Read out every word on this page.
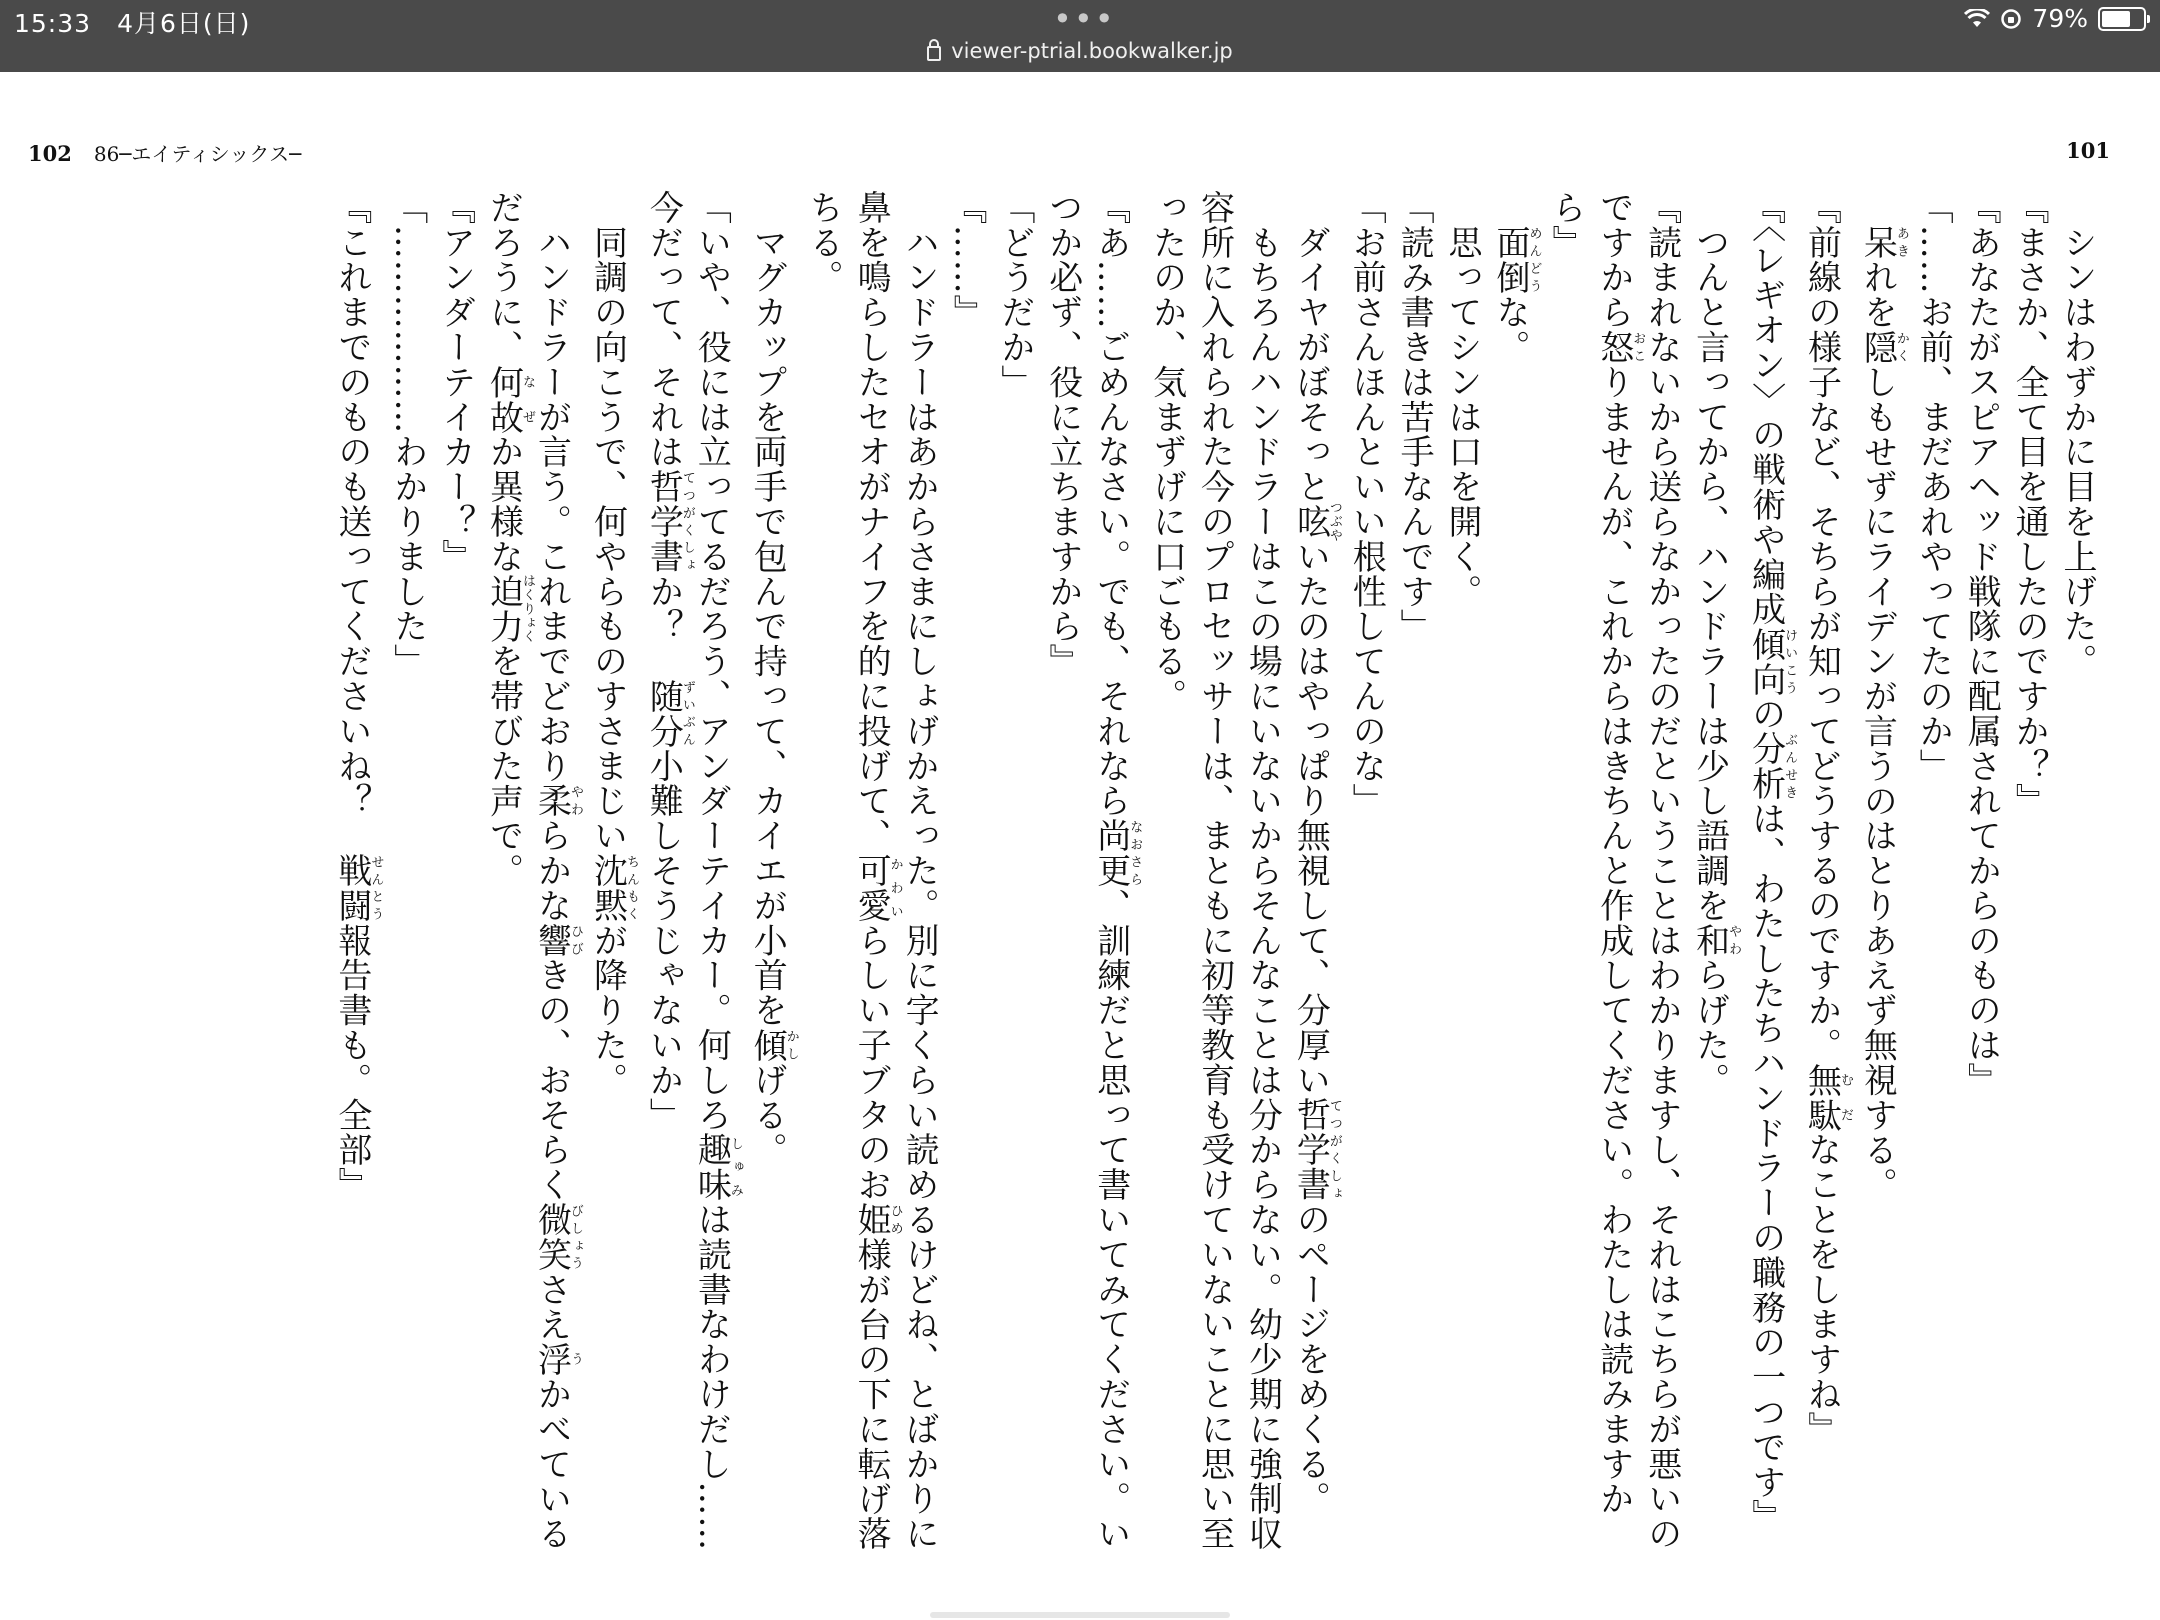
15:33　 4月6日(日)	•••
viewer-ptrial.bookwalker.jp
79%
102 86─エイティシックス─	101

　シンはわずかに目を上げた。

『まさか、全て目を通したのですか？』

『あなたがスピアヘッド戦隊に配属されてからのものは』

「……お前、まだあれやってたのか」

　呆あきれを隠かくしもせずにライデンが言うのはとりあえず無視する。

『前線の様子など、そちらが知ってどうするのですか。無駄むだなことをしますね』

『〈レギオン〉の戦術や編成傾向けいこうの分析ぶんせきは、わたしたちハンドラーの職務の一つです』

　つんと言ってから、ハンドラーは少し語調を和やわらげた。

『読まれないから送らなかったのだということはわかりますし、それはこちらが悪いのですから怒おこりませんが、これからはきちんと作成してください。わたしは読みますから』

　面倒めんどうな。

　思ってシンは口を開く。

「読み書きは苦手なんです」

「お前さんほんといい根性してんのな」

　ダイヤがぼそっと呟つぶやいたのはやっぱり無視して、分厚い哲学書てつがくしょのページをめくる。

　もちろんハンドラーはこの場にいないからそんなことは分からない。幼少期に強制収容所に入れられた今のプロセッサーは、まともに初等教育も受けていないことに思い至ったのか、気まずげに口ごもる。

『あ……ごめんなさい。でも、それなら尚更なおさら、訓練だと思って書いてみてください。いつか必ず、役に立ちますから』

「どうだか」

『……』

　ハンドラーはあからさまにしょげかえった。別に字くらい読めるけどね、とばかりに鼻を鳴らしたセオがナイフを的に投げて、可愛かわいらしい子ブタのお姫ひめ様が台の下に転げ落ちる。

　マグカップを両手で包んで持って、カイエが小首を傾かしげる。

「いや、役には立ってるだろう、アンダーテイカー。何しろ趣味しゅみは読書なわけだし……今だって、それは哲学書てつがくしょか？　随分ずいぶん小難しそうじゃないか」

　同調の向こうで、何やらものすさまじい沈黙ちんもくが降りた。

　ハンドラーが言う。これまでどおり柔やわらかな響ひびきの、おそらく微笑びしょうさえ浮うかべているだろうに、何故なぜか異様な迫力はくりょくを帯びた声で。

『アンダーテイカー？』

「………………わかりました」

『これまでのものも送ってくださいね？　戦闘せんとう報告書も。全部』
